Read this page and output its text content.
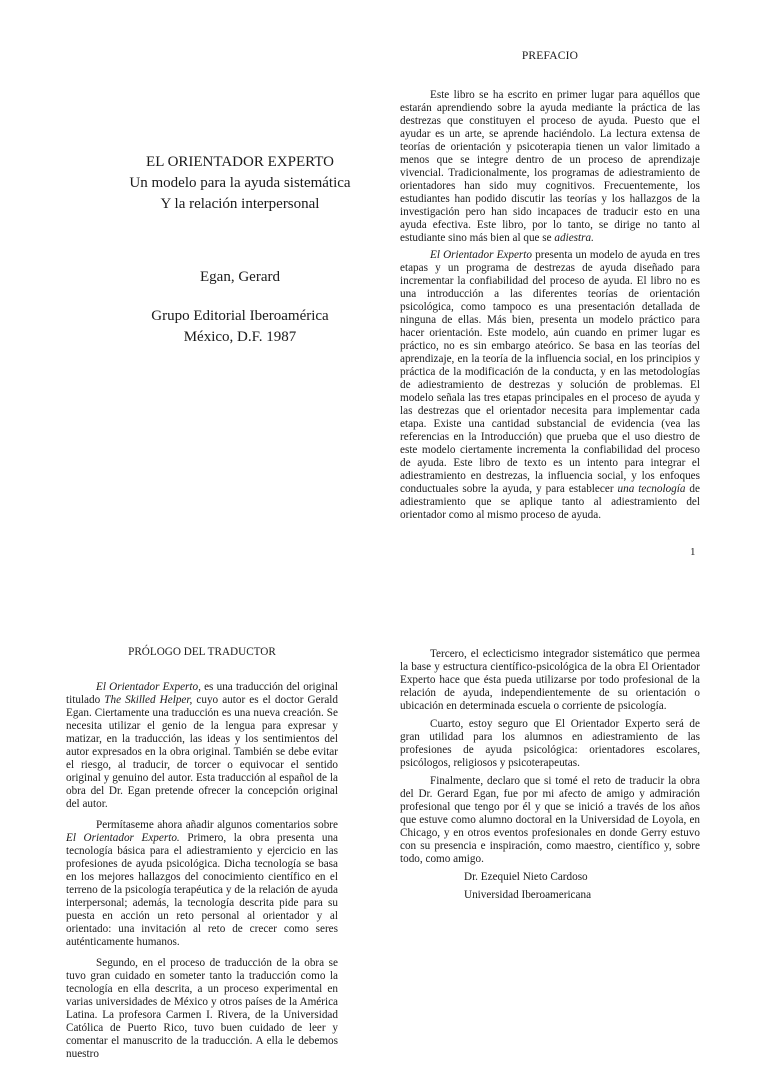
EL ORIENTADOR EXPERTO
Un modelo para la ayuda sistemática
Y la relación interpersonal
Egan, Gerard
Grupo Editorial Iberoamérica
México, D.F. 1987
PREFACIO

Este libro se ha escrito en primer lugar para aquéllos que estarán aprendiendo sobre la ayuda mediante la práctica de las destrezas que constituyen el proceso de ayuda. Puesto que el ayudar es un arte, se aprende haciéndolo. La lectura extensa de teorías de orientación y psicoterapia tienen un valor limitado a menos que se integre dentro de un proceso de aprendizaje vivencial. Tradicionalmente, los programas de adiestramiento de orientadores han sido muy cognitivos. Frecuentemente, los estudiantes han podido discutir las teorías y los hallazgos de la investigación pero han sido incapaces de traducir esto en una ayuda efectiva. Este libro, por lo tanto, se dirige no tanto al estudiante sino más bien al que se adiestra.

El Orientador Experto presenta un modelo de ayuda en tres etapas y un programa de destrezas de ayuda diseñado para incrementar la confiabilidad del proceso de ayuda. El libro no es una introducción a las diferentes teorías de orientación psicológica, como tampoco es una presentación detallada de ninguna de ellas. Más bien, presenta un modelo práctico para hacer orientación. Este modelo, aún cuando en primer lugar es práctico, no es sin embargo ateórico. Se basa en las teorías del aprendizaje, en la teoría de la influencia social, en los principios y práctica de la modificación de la conducta, y en las metodologías de adiestramiento de destrezas y solución de problemas. El modelo señala las tres etapas principales en el proceso de ayuda y las destrezas que el orientador necesita para implementar cada etapa. Existe una cantidad substancial de evidencia (vea las referencias en la Introducción) que prueba que el uso diestro de este modelo ciertamente incrementa la confiabilidad del proceso de ayuda. Este libro de texto es un intento para integrar el adiestramiento en destrezas, la influencia social, y los enfoques conductuales sobre la ayuda, y para establecer una tecnología de adiestramiento que se aplique tanto al adiestramiento del orientador como al mismo proceso de ayuda.

1
PRÓLOGO DEL TRADUCTOR

El Orientador Experto, es una traducción del original titulado The Skilled Helper, cuyo autor es el doctor Gerald Egan. Ciertamente una traducción es una nueva creación. Se necesita utilizar el genio de la lengua para expresar y matizar, en la traducción, las ideas y los sentimientos del autor expresados en la obra original. También se debe evitar el riesgo, al traducir, de torcer o equivocar el sentido original y genuino del autor. Esta traducción al español de la obra del Dr. Egan pretende ofrecer la concepción original del autor.

Permítaseme ahora añadir algunos comentarios sobre El Orientador Experto. Primero, la obra presenta una tecnología básica para el adiestramiento y ejercicio en las profesiones de ayuda psicológica. Dicha tecnología se basa en los mejores hallazgos del conocimiento científico en el terreno de la psicología terapéutica y de la relación de ayuda interpersonal; además, la tecnología descrita pide para su puesta en acción un reto personal al orientador y al orientado: una invitación al reto de crecer como seres auténticamente humanos.

Segundo, en el proceso de traducción de la obra se tuvo gran cuidado en someter tanto la traducción como la tecnología en ella descrita, a un proceso experimental en varias universidades de México y otros países de la América Latina. La profesora Carmen I. Rivera, de la Universidad Católica de Puerto Rico, tuvo buen cuidado de leer y comentar el manuscrito de la traducción. A ella le debemos nuestro

Tercero, el eclecticismo integrador sistemático que permea la base y estructura científico-psicológica de la obra El Orientador Experto hace que ésta pueda utilizarse por todo profesional de la relación de ayuda, independientemente de su orientación o ubicación en determinada escuela o corriente de psicología.

Cuarto, estoy seguro que El Orientador Experto será de gran utilidad para los alumnos en adiestramiento de las profesiones de ayuda psicológica: orientadores escolares, psicólogos, religiosos y psicoterapeutas.

Finalmente, declaro que si tomé el reto de traducir la obra del Dr. Gerard Egan, fue por mi afecto de amigo y admiración profesional que tengo por él y que se inició a través de los años que estuve como alumno doctoral en la Universidad de Loyola, en Chicago, y en otros eventos profesionales en donde Gerry estuvo con su presencia e inspiración, como maestro, científico y, sobre todo, como amigo.

Dr. Ezequiel Nieto Cardoso

Universidad Iberoamericana
